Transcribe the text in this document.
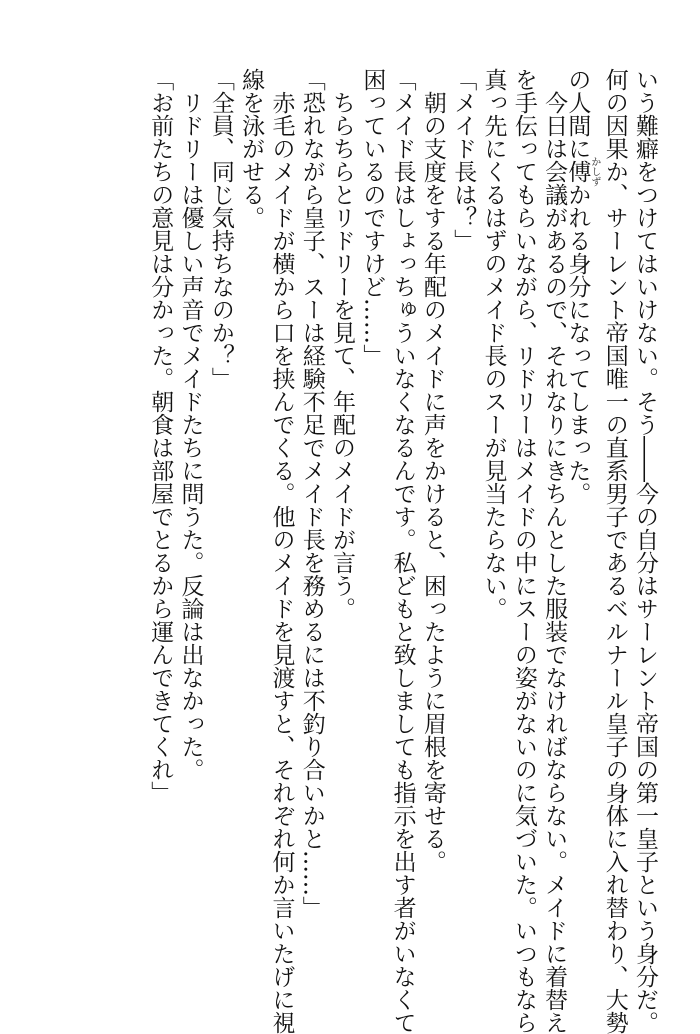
いう難癖をつけてはいけない。そう――今の自分はサーレント帝国の第一皇子という身分だ。
何の因果か、サーレント帝国唯一の直系男子であるベルナール皇子の身体に入れ替わり、大勢
の人間に傅かしずかれる身分になってしまった。
　今日は会議があるので、それなりにきちんとした服装でなければならない。メイドに着替え
を手伝ってもらいながら、リドリーはメイドの中にスーの姿がないのに気づいた。いつもなら
真っ先にくるはずのメイド長のスーが見当たらない。
「メイド長は？」
　朝の支度をする年配のメイドに声をかけると、困ったように眉根を寄せる。
「メイド長はしょっちゅういなくなるんです。私どもと致しましても指示を出す者がいなくて
困っているのですけど……」
　ちらちらとリドリーを見て、年配のメイドが言う。
「恐れながら皇子、スーは経験不足でメイド長を務めるには不釣り合いかと……」
　赤毛のメイドが横から口を挟んでくる。他のメイドを見渡すと、それぞれ何か言いたげに視
線を泳がせる。
「全員、同じ気持ちなのか？」
　リドリーは優しい声音でメイドたちに問うた。反論は出なかった。
「お前たちの意見は分かった。朝食は部屋でとるから運んできてくれ」
